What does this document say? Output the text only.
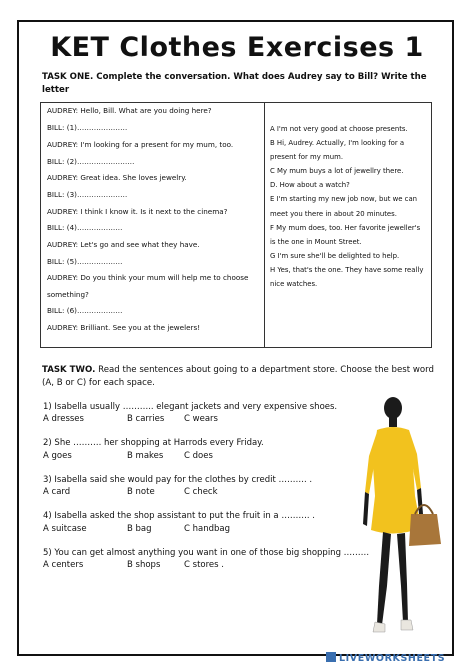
KET Clothes Exercises 1
TASK ONE. Complete the conversation. What does Audrey say to Bill? Write the letter
AUDREY: Hello, Bill. What are you doing here?
BILL: (1)…………………
AUDREY: I'm looking for a present for my mum, too.
BILL: (2)……………………
AUDREY: Great idea. She loves jewelry.
BILL: (3)…………………
AUDREY: I think I know it. Is it next to the cinema?
BILL: (4)……………….
AUDREY: Let's go and see what they have.
BILL: (5)……………….
AUDREY: Do you think your mum will help me to choose
something?
BILL: (6)……………….
AUDREY: Brilliant. See you at the jewelers!
A I'm not very good at choose presents.
B Hi, Audrey. Actually, I'm looking for a
present for my mum.
C My mum buys a lot of jewellry there.
D. How about a watch?
E I'm starting my new job now, but we can
meet you there in about 20 minutes.
F My mum does, too. Her favorite jeweller's
is the one in Mount Street.
G I'm sure she'll be delighted to help.
H Yes, that's the one. They have some really
nice watches.
TASK TWO. Read the sentences about going to a department store. Choose the best word (A, B or C) for each space.
1) Isabella usually ……….. elegant jackets and very expensive shoes.
A dresses	B carries C wears
2) She ………. her shopping at Harrods every Friday.
A goes	B makes C does
3) Isabella said she would pay for the clothes by credit ………. .
A card	B note	C check
4) Isabella asked the shop assistant to put the fruit in a ………. .
A suitcase	B bag	C handbag
5) You can get almost anything you want in one of those big shopping ………
A centers	B shops	C stores .
LIVEWORKSHEETS
